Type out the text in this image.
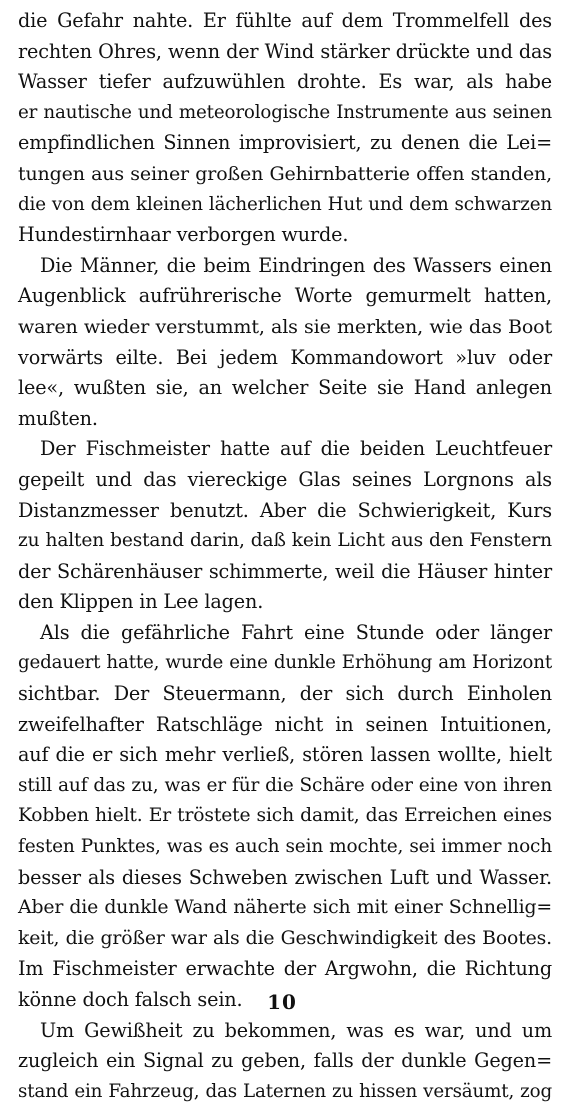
die Gefahr nahte. Er fühlte auf dem Trommelfell des
rechten Ohres, wenn der Wind stärker drückte und das
Wasser tiefer aufzuwühlen drohte. Es war, als habe
er nautische und meteorologische Instrumente aus seinen
empfindlichen Sinnen improvisiert, zu denen die Lei=
tungen aus seiner großen Gehirnbatterie offen standen,
die von dem kleinen lächerlichen Hut und dem schwarzen
Hundestirnhaar verborgen wurde.

Die Männer, die beim Eindringen des Wassers einen
Augenblick aufrührerische Worte gemurmelt hatten,
waren wieder verstummt, als sie merkten, wie das Boot
vorwärts eilte. Bei jedem Kommandowort »luv oder
lee«, wußten sie, an welcher Seite sie Hand anlegen
mußten.

Der Fischmeister hatte auf die beiden Leuchtfeuer
gepeilt und das viereckige Glas seines Lorgnons als
Distanzmesser benutzt. Aber die Schwierigkeit, Kurs
zu halten bestand darin, daß kein Licht aus den Fenstern
der Schärenhäuser schimmerte, weil die Häuser hinter
den Klippen in Lee lagen.

Als die gefährliche Fahrt eine Stunde oder länger
gedauert hatte, wurde eine dunkle Erhöhung am Horizont
sichtbar. Der Steuermann, der sich durch Einholen
zweifelhafter Ratschläge nicht in seinen Intuitionen,
auf die er sich mehr verließ, stören lassen wollte, hielt
still auf das zu, was er für die Schäre oder eine von ihren
Kobben hielt. Er tröstete sich damit, das Erreichen eines
festen Punktes, was es auch sein mochte, sei immer noch
besser als dieses Schweben zwischen Luft und Wasser.
Aber die dunkle Wand näherte sich mit einer Schnellig=
keit, die größer war als die Geschwindigkeit des Bootes.
Im Fischmeister erwachte der Argwohn, die Richtung
könne doch falsch sein.

Um Gewißheit zu bekommen, was es war, und um
zugleich ein Signal zu geben, falls der dunkle Gegen=
stand ein Fahrzeug, das Laternen zu hissen versäumt, zog

10
